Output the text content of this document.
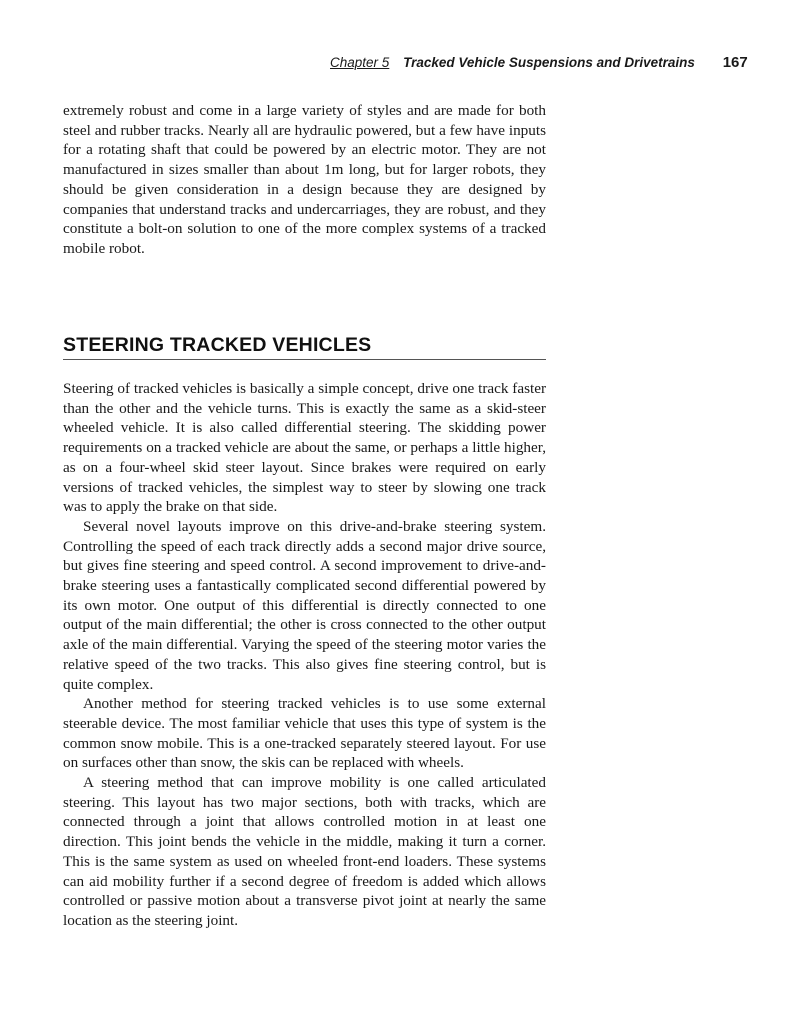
Chapter 5 Tracked Vehicle Suspensions and Drivetrains 167

extremely robust and come in a large variety of styles and are made for both steel and rubber tracks. Nearly all are hydraulic powered, but a few have inputs for a rotating shaft that could be powered by an electric motor. They are not manufactured in sizes smaller than about 1m long, but for larger robots, they should be given consideration in a design because they are designed by companies that understand tracks and undercarriages, they are robust, and they constitute a bolt-on solution to one of the more complex systems of a tracked mobile robot.

STEERING TRACKED VEHICLES

Steering of tracked vehicles is basically a simple concept, drive one track faster than the other and the vehicle turns. This is exactly the same as a skid-steer wheeled vehicle. It is also called differential steering. The skidding power requirements on a tracked vehicle are about the same, or perhaps a little higher, as on a four-wheel skid steer layout. Since brakes were required on early versions of tracked vehicles, the simplest way to steer by slowing one track was to apply the brake on that side.

Several novel layouts improve on this drive-and-brake steering system. Controlling the speed of each track directly adds a second major drive source, but gives fine steering and speed control. A second improvement to drive-and-brake steering uses a fantastically complicated second differential powered by its own motor. One output of this differential is directly connected to one output of the main differential; the other is cross connected to the other output axle of the main differential. Varying the speed of the steering motor varies the relative speed of the two tracks. This also gives fine steering control, but is quite complex.

Another method for steering tracked vehicles is to use some external steerable device. The most familiar vehicle that uses this type of system is the common snow mobile. This is a one-tracked separately steered layout. For use on surfaces other than snow, the skis can be replaced with wheels.

A steering method that can improve mobility is one called articulated steering. This layout has two major sections, both with tracks, which are connected through a joint that allows controlled motion in at least one direction. This joint bends the vehicle in the middle, making it turn a corner. This is the same system as used on wheeled front-end loaders. These systems can aid mobility further if a second degree of freedom is added which allows controlled or passive motion about a transverse pivot joint at nearly the same location as the steering joint.
